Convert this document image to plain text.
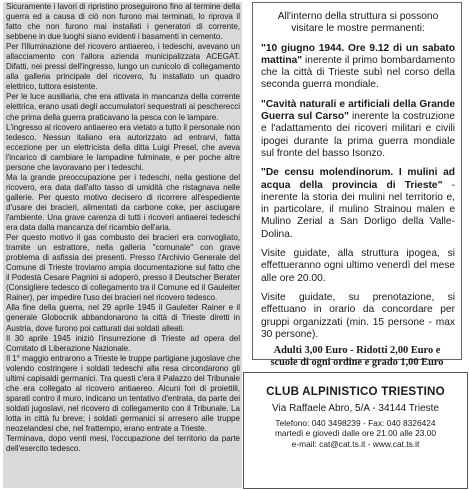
Sicuramente i lavori di ripristino proseguirono fino al termine della guerra ed a causa di ciò non furono mai terminati, lo riprova il fatto che non furono mai installati i generatori di corrente, sebbene in due luoghi siano evidenti i basamenti in cemento.

Per l'illuminazione del ricovero antiaereo, i tedeschi, avevano un allacciamento con l'allora azienda municipalizzata ACEGAT. Difatti, nei pressi dell'ingresso, lungo un cunicolo di collegamento alla galleria principale del ricovero, fu installato un quadro elettrico, tuttora esistente.

Per le luce ausiliaria, che era attivata in mancanza della corrente elettrica, erano usati degli accumulatori sequestrati ai pescherecci che prima della guerra praticavano la pesca con le lampare.

L'ingresso al ricovero antiaereo era vietato a tutto il personale non tedesco. Nessun italiano era autorizzato ad entrarvi, fatta eccezione per un elettricista della ditta Luigi Presel, che aveva l'incarico di cambiare le lampadine fulminate, e per poche altre persone che lavoravano per i tedeschi.

Ma la grande preoccupazione per i tedeschi, nella gestione del ricovero, era data dall'alto tasso di umidità che ristagnava nelle gallerie. Per questo motivo decisero di ricorrere all'espediente d'usare dei bracieri, alimentati da carbone coke, per asciugare l'ambiente. Una grave carenza di tutti i ricoveri antiaerei tedeschi era data dalla mancanza del ricambio dell'aria.

Per questo motivo il gas combusto dei bracieri era convogliato, tramite un estrattore, nella galleria "comunale" con grave problema di asfissia dei presenti. Presso l'Archivio Generale del Comune di Trieste troviamo ampia documentazione sul fatto che il Podestà Cesare Pagnini si adoperò, presso il Deutscher Berater (Consigliere tedesco di collegamento tra il Comune ed il Gauleiter Rainer), per impedire l'uso dei bracieri nel ricovero tedesco.

Alla fine della guerra, nel 29 aprile 1945 il Gauleiter Rainer e il generale Globocnik abbandonarono la città di Trieste diretti in Austria, dove furono poi catturati dai soldati alleati.

Il 30 aprile 1945 iniziò l'insurrezione di Trieste ad opera del Comitato di Liberazione Nazionale.

Il 1° maggio entrarono a Trieste le truppe partigiane jugoslave che volendo costringere i soldati tedeschi alla resa circondarono gli ultimi capisaldi germanici. Tra questi c'era il Palazzo del Tribunale che era collegato al ricovero antiaereo. Alcuni fori di proiettili, sparati contro il muro, indicano un tentativo d'entrata, da parte dei soldati jugoslavi, nel ricovero di collegamento con il Tribunale. La lotta in città fu breve; i soldati germanici si arresero alle truppe neozelandesi che, nel frattempo, erano entrate a Trieste.

Terminava, dopo venti mesi, l'occupazione del territorio da parte dell'esercito tedesco.

All'interno della struttura si possono visitare le mostre permanenti:

"10 giugno 1944. Ore 9.12 di un sabato mattina" inerente il primo bombardamento che la città di Trieste subì nel corso della seconda guerra mondiale.

"Cavità naturali e artificiali della Grande Guerra sul Carso" inerente la costruzione e l'adattamento dei ricoveri militari e civili ipogei durante la prima guerra mondiale sul fronte del basso Isonzo.

"De censu molendinorum. I mulini ad acqua della provincia di Trieste" - inerente la storia dei mulini nel territorio e, in particolare, il mulino Strainou malen e Mulino Zerial a San Dorligo della Valle-Dolina.

Visite guidate, alla struttura ipogea, si effettueranno ogni ultimo venerdì del mese alle ore 20.00.

Visite guidate, su prenotazione, si effettuano in orario da concordare per gruppi organizzati (min. 15 persone - max 30 persone).

Adulti 3,00 Euro - Ridotti 2,00 Euro e scuole di ogni ordine e grado 1,00 Euro

CLUB ALPINISTICO TRIESTINO
Via Raffaele Abro, 5/A - 34144 Trieste
Telefono: 040 3498239 - Fax: 040 8326424
martedì e giovedì dalle ore 21.00 alle 23.00
e-mail: cat@cat.ts.it - www.cat.ts.it
